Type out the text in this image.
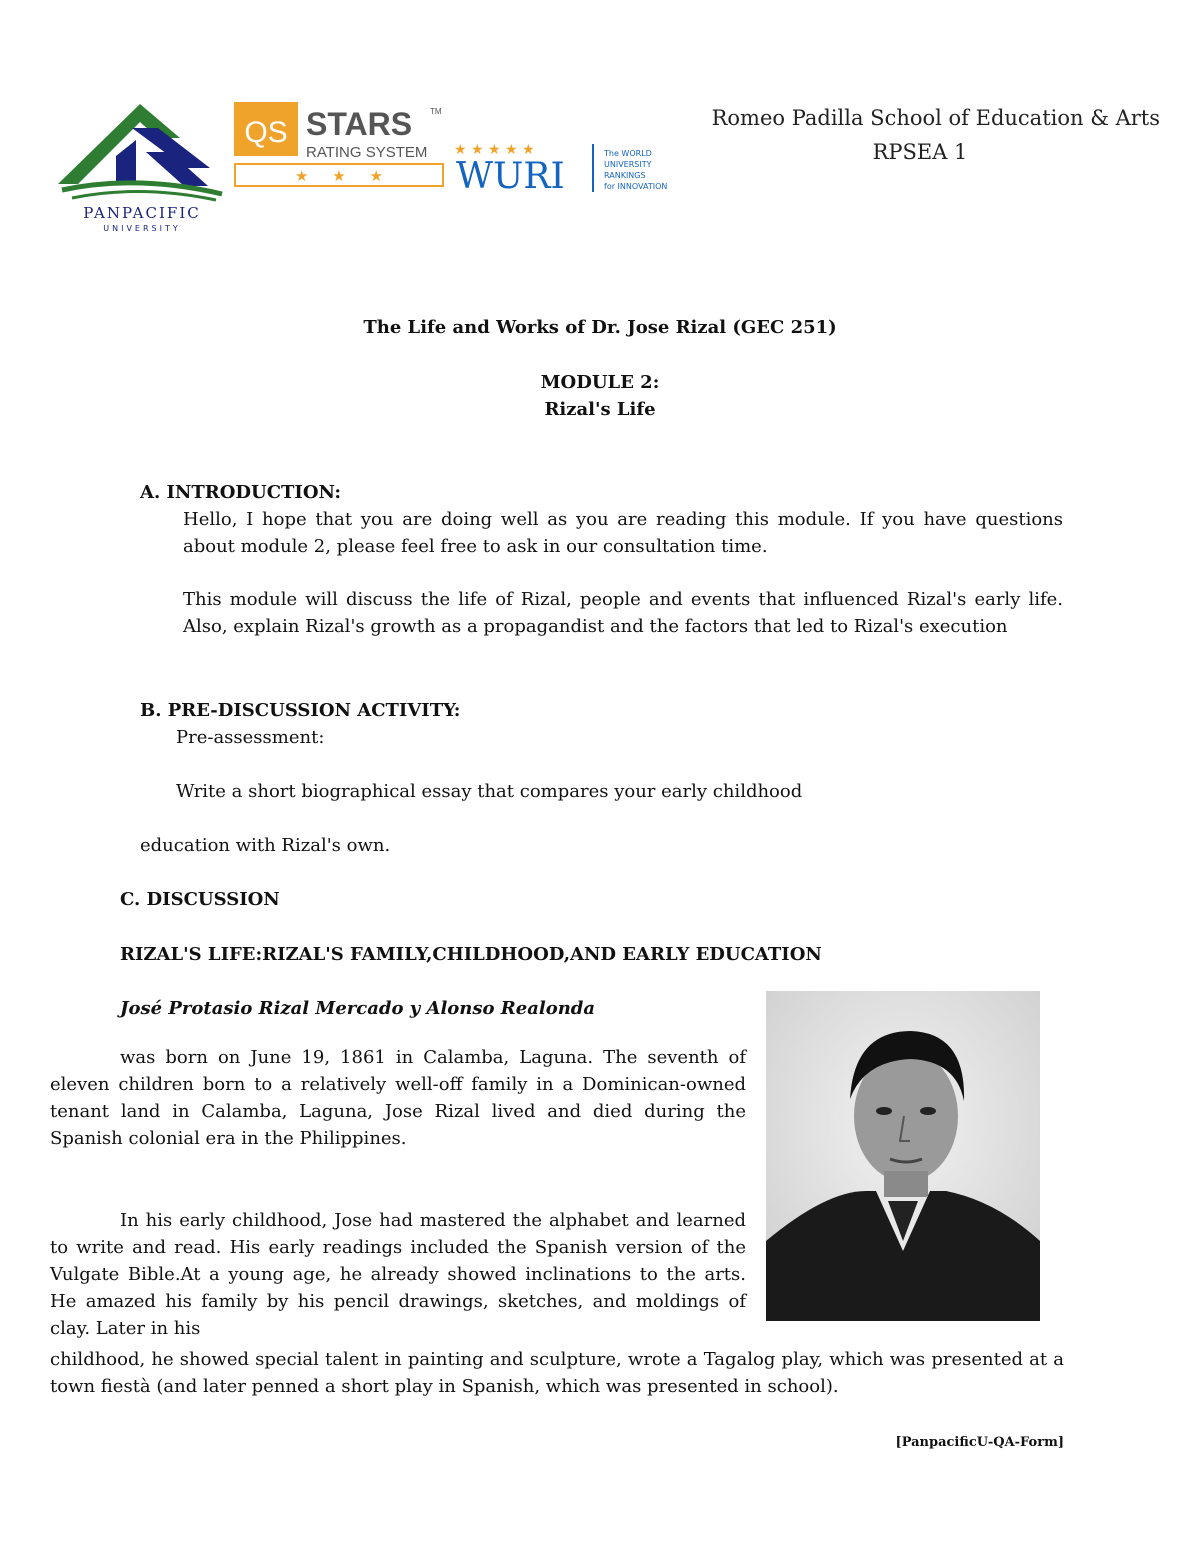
PANPACIFIC
UNIVERSITY
QS STARS TM
RATING SYSTEM
★     ★     ★
★ ★ ★ ★ ★
WURI
The WORLD
UNIVERSITY
RANKINGS
for INNOVATION
Romeo Padilla School of Education & Arts
RPSEA 1
The Life and Works of Dr. Jose Rizal (GEC 251)
MODULE 2:
Rizal's Life
A. INTRODUCTION:
Hello, I hope that you are doing well as you are reading this module. If you have questions about module 2, please feel free to ask in our consultation time.
This module will discuss the life of Rizal, people and events that influenced Rizal's early life. Also, explain Rizal's growth as a propagandist and the factors that led to Rizal's execution
B. PRE-DISCUSSION ACTIVITY:
Pre-assessment:
Write a short biographical essay that compares your early childhood
education with Rizal's own.
C. DISCUSSION
RIZAL'S LIFE:RIZAL'S FAMILY,CHILDHOOD,AND EARLY EDUCATION
José Protasio Rizal Mercado y Alonso Realonda
was born on June 19, 1861 in Calamba, Laguna. The seventh of eleven children born to a relatively well-off family in a Dominican-owned tenant land in Calamba, Laguna, Jose Rizal lived and died during the Spanish colonial era in the Philippines.
In his early childhood, Jose had mastered the alphabet and learned to write and read. His early readings included the Spanish version of the Vulgate Bible.At a young age, he already showed inclinations to the arts. He amazed his family by his pencil drawings, sketches, and moldings of clay. Later in his
childhood, he showed special talent in painting and sculpture, wrote a Tagalog play, which was presented at a town fiestà (and later penned a short play in Spanish, which was presented in school).
[PanpacificU-QA-Form]
